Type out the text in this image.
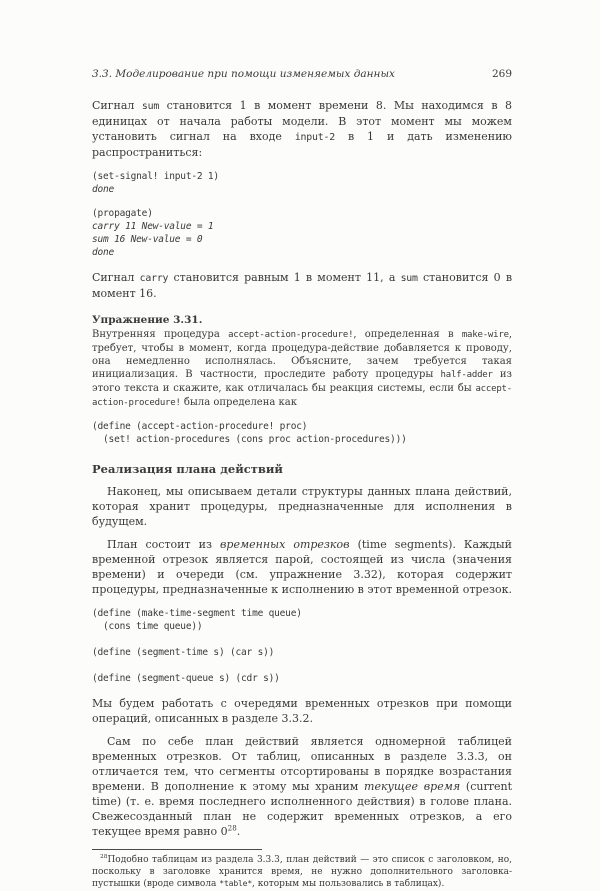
3.3. Моделирование при помощи изменяемых данных	269

Сигнал sum становится 1 в момент времени 8. Мы находимся в 8 единицах от начала работы модели. В этот момент мы можем установить сигнал на входе input-2 в 1 и дать изменению распространиться:

(set-signal! input-2 1)
done
(propagate)
carry 11 New-value = 1
sum 16 New-value = 0
done

Сигнал carry становится равным 1 в момент 11, а sum становится 0 в момент 16.

Упражнение 3.31.

Внутренняя процедура accept-action-procedure!, определенная в make-wire, требует, чтобы в момент, когда процедура-действие добавляется к проводу, она немедленно исполнялась. Объясните, зачем требуется такая инициализация. В частности, проследите работу процедуры half-adder из этого текста и скажите, как отличалась бы реакция системы, если бы accept-action-procedure! была определена как

(define (accept-action-procedure! proc)
(set! action-procedures (cons proc action-procedures)))
Реализация плана действий

Наконец, мы описываем детали структуры данных плана действий, которая хранит процедуры, предназначенные для исполнения в будущем.

План состоит из временных отрезков (time segments). Каждый временной отрезок является парой, состоящей из числа (значения времени) и очереди (см. упражнение 3.32), которая содержит процедуры, предназначенные к исполнению в этот временной отрезок.

(define (make-time-segment time queue)
(cons time queue))

(define (segment-time s) (car s))

(define (segment-queue s) (cdr s))

Мы будем работать с очередями временных отрезков при помощи операций, описанных в разделе 3.3.2.

Сам по себе план действий является одномерной таблицей временных отрезков. От таблиц, описанных в разделе 3.3.3, он отличается тем, что сегменты отсортированы в порядке возрастания времени. В дополнение к этому мы храним текущее время (current time) (т. е. время последнего исполненного действия) в голове плана. Свежесозданный план не содержит временных отрезков, а его текущее время равно $0^{28}$.

$^{28}$Подобно таблицам из раздела 3.3.3, план действий — это список с заголовком, но, поскольку в заголовке хранится время, не нужно дополнительного заголовка-пустышки (вроде символа *table*, которым мы пользовались в таблицах).
